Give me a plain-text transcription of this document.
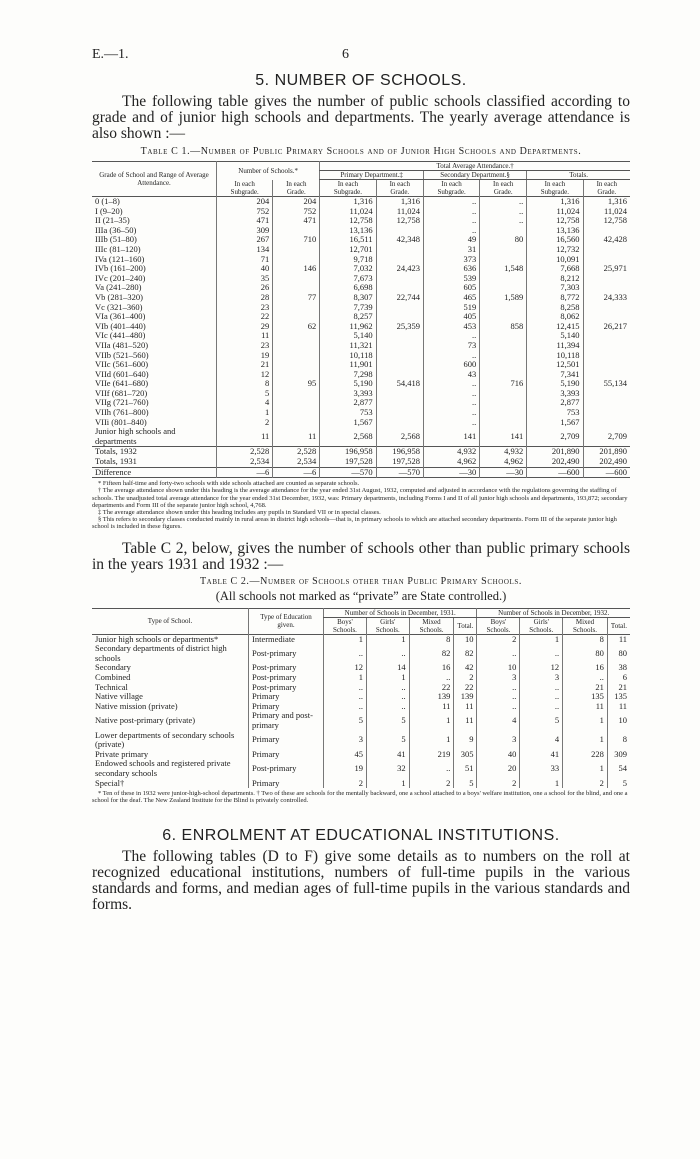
E.—1.	6
5. NUMBER OF SCHOOLS.

The following table gives the number of public schools classified according to grade and of junior high schools and departments. The yearly average attendance is also shown :—

Table C 1.—Number of Public Primary Schools and of Junior High Schools and Departments.

Grade of School and Range of Average Attendance.	Number of Schools.*		Total Average Attendance.†					
			Primary Department.‡		Secondary Department.§		Totals.	
	In each Subgrade.	In each Grade.	In each Subgrade.	In each Grade.	In each Subgrade.	In each Grade.	In each Subgrade.	In each Grade.
0 (1–8)	204	204	1,316	1,316	..	..	1,316	1,316
I (9–20)	752	752	11,024	11,024	..	..	11,024	11,024
II (21–35)	471	471	12,758	12,758	..	..	12,758	12,758
IIIa (36–50)	309		13,136		..		13,136	
IIIb (51–80)	267	710	16,511	42,348	49	80	16,560	42,428
IIIc (81–120)	134		12,701		31		12,732	
IVa (121–160)	71		9,718		373		10,091	
IVb (161–200)	40	146	7,032	24,423	636	1,548	7,668	25,971
IVc (201–240)	35		7,673		539		8,212	
Va (241–280)	26		6,698		605		7,303	
Vb (281–320)	28	77	8,307	22,744	465	1,589	8,772	24,333
Vc (321–360)	23		7,739		519		8,258	
VIa (361–400)	22		8,257		405		8,062	
VIb (401–440)	29	62	11,962	25,359	453	858	12,415	26,217
VIc (441–480)	11		5,140		..		5,140	
VIIa (481–520)	23		11,321		73		11,394	
VIIb (521–560)	19		10,118		..		10,118	
VIIc (561–600)	21		11,901		600		12,501	
VIId (601–640)	12		7,298		43		7,341	
VIIe (641–680)	8	95	5,190	54,418	..	716	5,190	55,134
VIIf (681–720)	5		3,393		..		3,393	
VIIg (721–760)	4		2,877		..		2,877	
VIIh (761–800)	1		753		..		753	
VIIi (801–840)	2		1,567		..		1,567	
Junior high schools and departments	11	11	2,568	2,568	141	141	2,709	2,709
Totals, 1932	2,528	2,528	196,958	196,958	4,932	4,932	201,890	201,890
Totals, 1931	2,534	2,534	197,528	197,528	4,962	4,962	202,490	202,490
Difference	—6	—6	—570	—570	—30	—30	—600	—600

* Fifteen half-time and forty-two schools with side schools attached are counted as separate schools.

† The average attendance shown under this heading is the average attendance for the year ended 31st August, 1932, computed and adjusted in accordance with the regulations governing the staffing of schools. The unadjusted total average attendance for the year ended 31st December, 1932, was: Primary departments, including Forms I and II of all junior high schools and departments, 193,872; secondary departments and Form III of the separate junior high school, 4,768.

‡ The average attendance shown under this heading includes any pupils in Standard VII or in special classes.

§ This refers to secondary classes conducted mainly in rural areas in district high schools—that is, in primary schools to which are attached secondary departments. Form III of the separate junior high school is included in these figures.

Table C 2, below, gives the number of schools other than public primary schools in the years 1931 and 1932 :—

Table C 2.—Number of Schools other than Public Primary Schools.

(All schools not marked as “private” are State controlled.)

Type of School.	Type of Education given.	Number of Schools in December, 1931.				Number of Schools in December, 1932.			
		Boys' Schools.	Girls' Schools.	Mixed Schools.	Total.	Boys' Schools.	Girls' Schools.	Mixed Schools.	Total.
Junior high schools or departments*	Intermediate	1	1	8	10	2	1	8	11
Secondary departments of district high schools	Post-primary	..	..	82	82	..	..	80	80
Secondary	Post-primary	12	14	16	42	10	12	16	38
Combined	Post-primary	1	1	..	2	3	3	..	6
Technical	Post-primary	..	..	22	22	..	..	21	21
Native village	Primary	..	..	139	139	..	..	135	135
Native mission (private)	Primary	..	..	11	11	..	..	11	11
Native post-primary (private)	Primary and post-primary	5	5	1	11	4	5	1	10
Lower departments of secondary schools (private)	Primary	3	5	1	9	3	4	1	8
Private primary	Primary	45	41	219	305	40	41	228	309
Endowed schools and registered private secondary schools	Post-primary	19	32	..	51	20	33	1	54
Special†	Primary	2	1	2	5	2	1	2	5

* Ten of these in 1932 were junior-high-school departments. † Two of these are schools for the mentally backward, one a school attached to a boys' welfare institution, one a school for the blind, and one a school for the deaf. The New Zealand Institute for the Blind is privately controlled.

6. ENROLMENT AT EDUCATIONAL INSTITUTIONS.

The following tables (D to F) give some details as to numbers on the roll at recognized educational institutions, numbers of full-time pupils in the various standards and forms, and median ages of full-time pupils in the various standards and forms.
